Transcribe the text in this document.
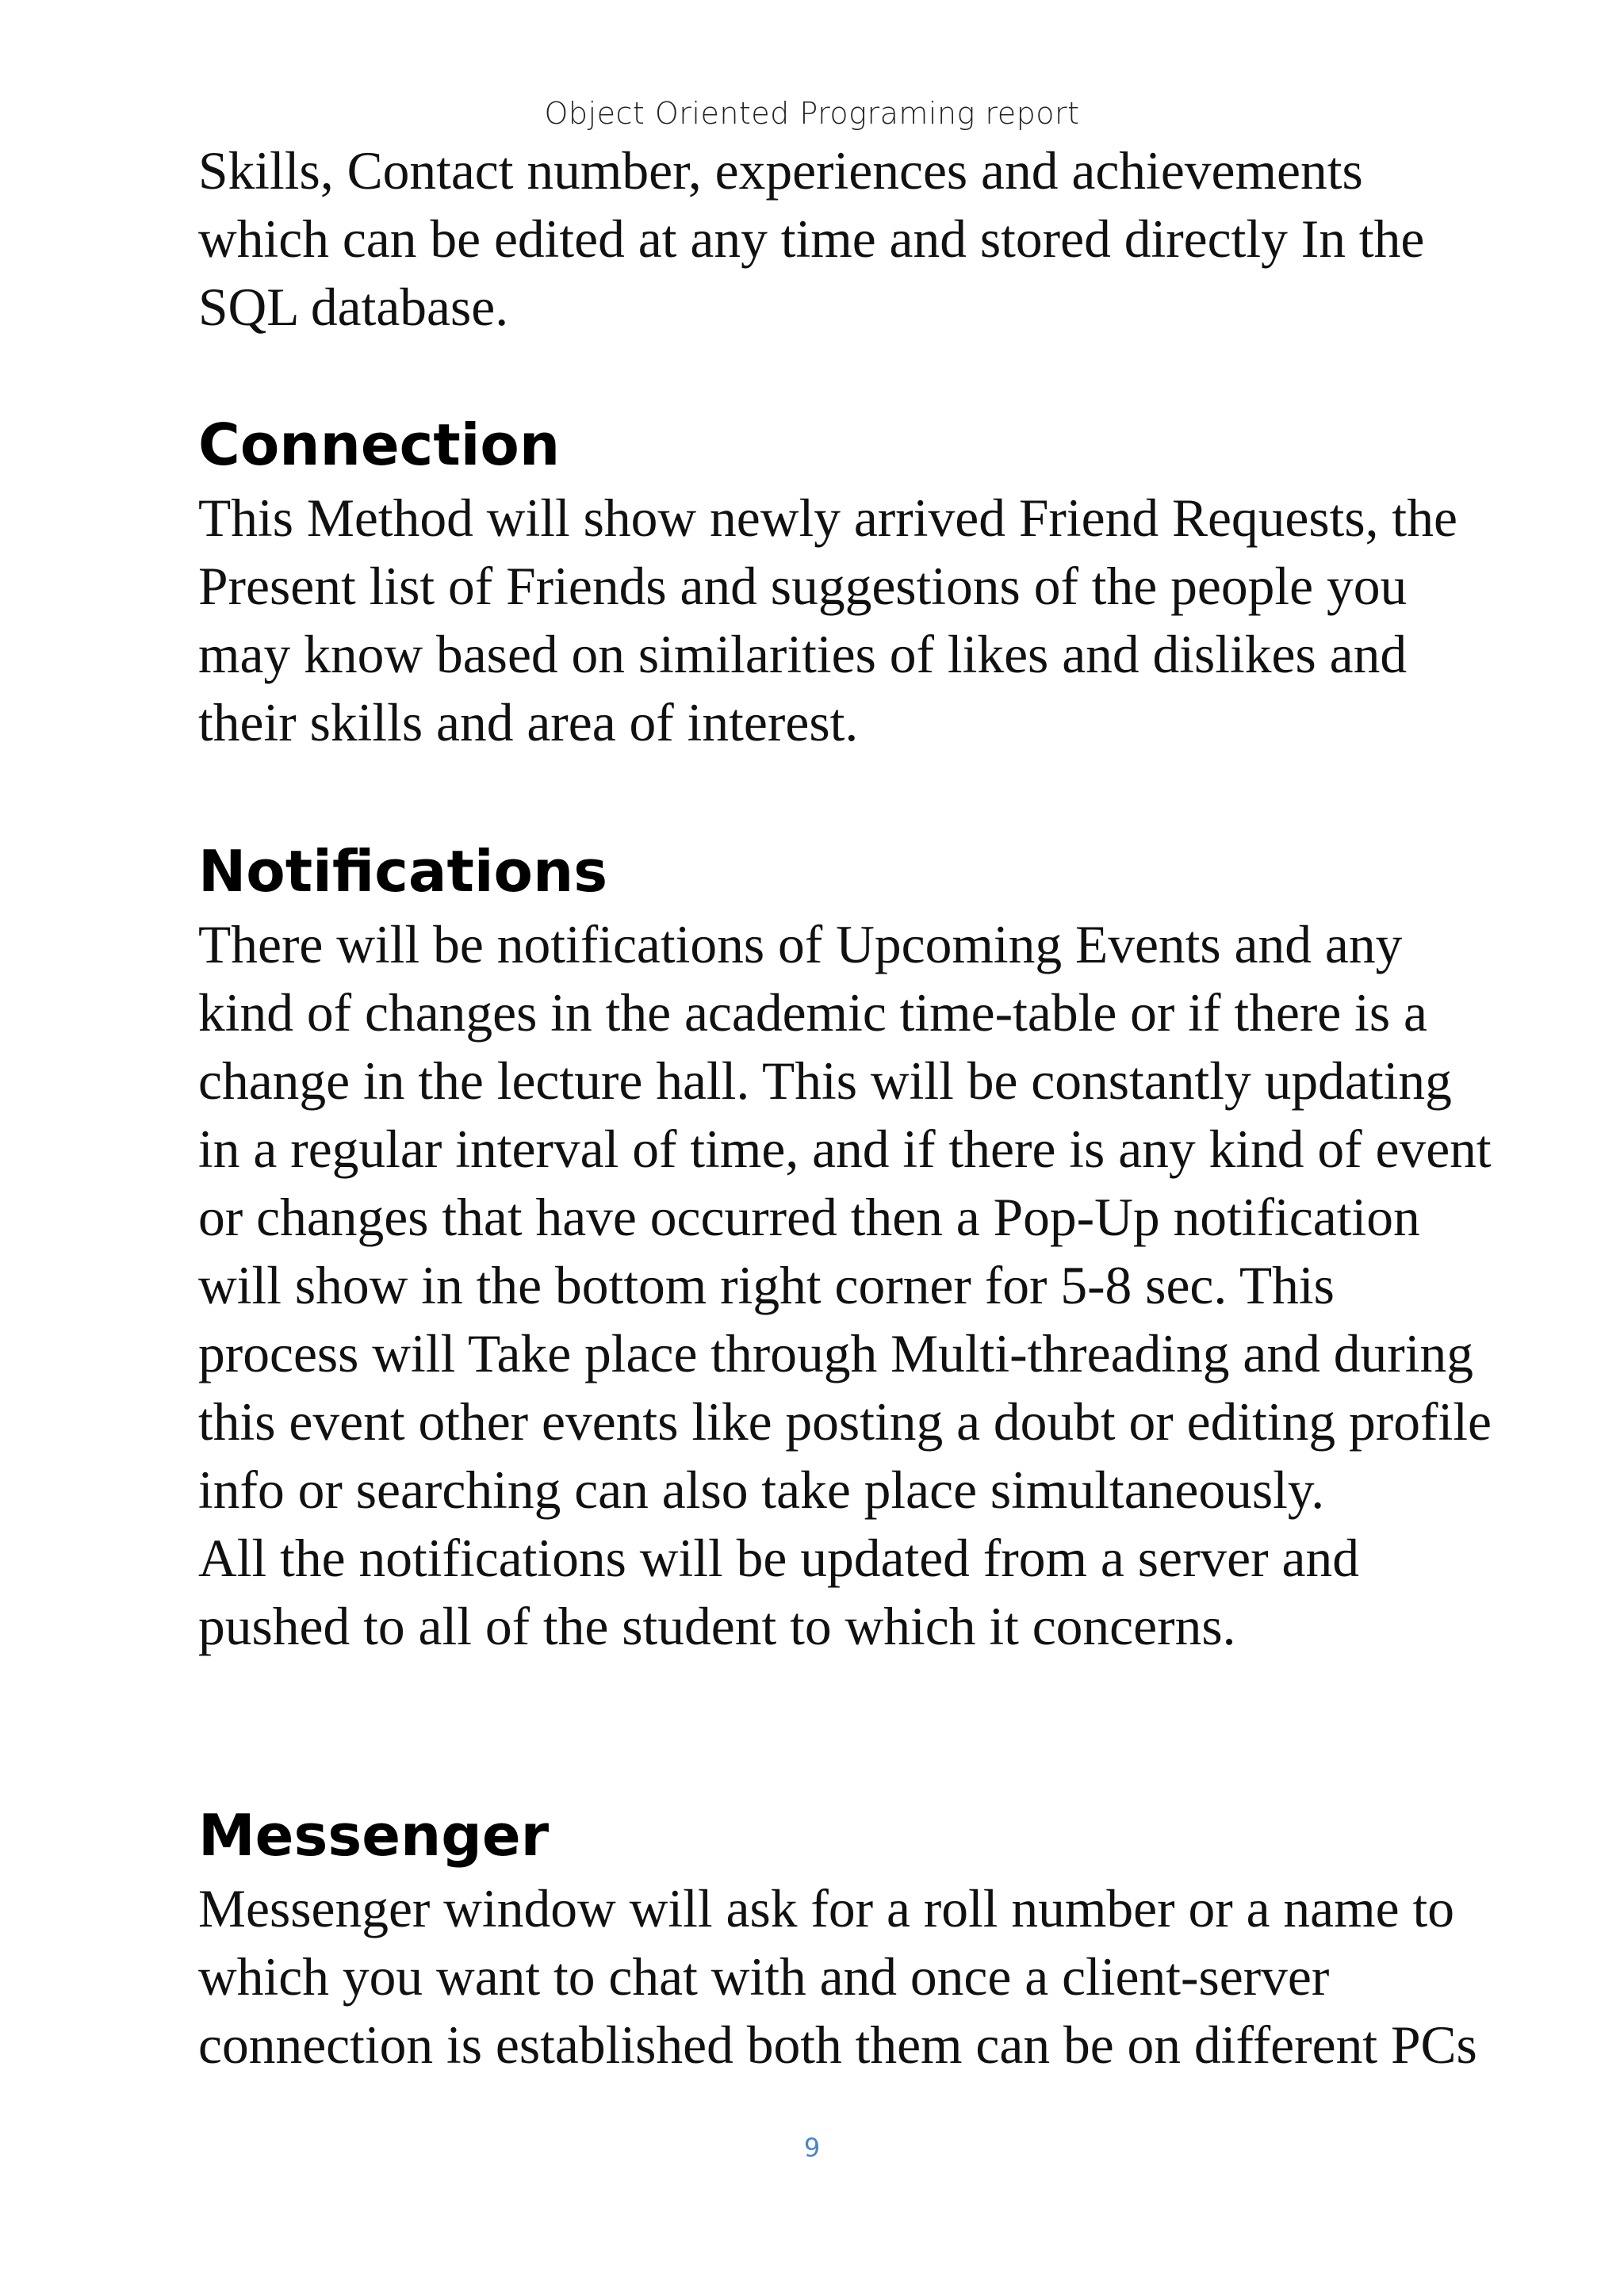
Object Oriented Programing report

Skills, Contact number, experiences and achievements
which can be edited at any time and stored directly In the
SQL database.

Connection

This Method will show newly arrived Friend Requests, the
Present list of Friends and suggestions of the people you
may know based on similarities of likes and dislikes and
their skills and area of interest.

Notifications

There will be notifications of Upcoming Events and any
kind of changes in the academic time-table or if there is a
change in the lecture hall. This will be constantly updating
in a regular interval of time, and if there is any kind of event
or changes that have occurred then a Pop-Up notification
will show in the bottom right corner for 5-8 sec. This
process will Take place through Multi-threading and during
this event other events like posting a doubt or editing profile
info or searching can also take place simultaneously.
All the notifications will be updated from a server and
pushed to all of the student to which it concerns.

Messenger

Messenger window will ask for a roll number or a name to
which you want to chat with and once a client-server
connection is established both them can be on different PCs

9
